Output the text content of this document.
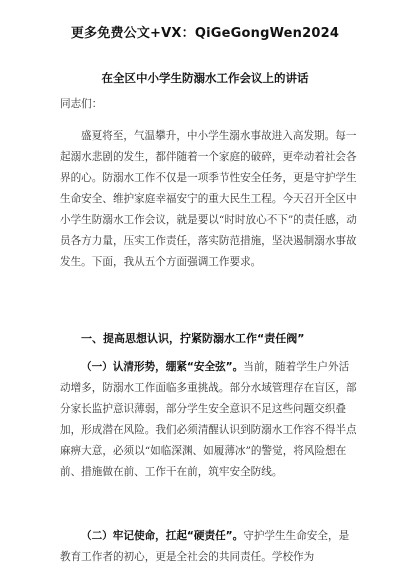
更多免费公文+VX：QiGeGongWen2024
在全区中小学生防溺水工作会议上的讲话
同志们：
盛夏将至，气温攀升，中小学生溺水事故进入高发期。每一起溺水悲剧的发生，都伴随着一个家庭的破碎，更牵动着社会各界的心。防溺水工作不仅是一项季节性安全任务，更是守护学生生命安全、维护家庭幸福安宁的重大民生工程。今天召开全区中小学生防溺水工作会议，就是要以“时时放心不下”的责任感，动员各方力量，压实工作责任，落实防范措施，坚决遏制溺水事故发生。下面，我从五个方面强调工作要求。
一、提高思想认识，拧紧防溺水工作“责任阀”
（一）认清形势，绷紧“安全弦”。当前，随着学生户外活动增多，防溺水工作面临多重挑战。部分水域管理存在盲区，部分家长监护意识薄弱，部分学生安全意识不足这些问题交织叠加，形成潜在风险。我们必须清醒认识到防溺水工作容不得半点麻痹大意，必须以“如临深渊、如履薄冰”的警觉，将风险想在前、措施做在前、工作干在前，筑牢安全防线。
（二）牢记使命，扛起“硬责任”。守护学生生命安全，是教育工作者的初心，更是全社会的共同责任。学校作为
